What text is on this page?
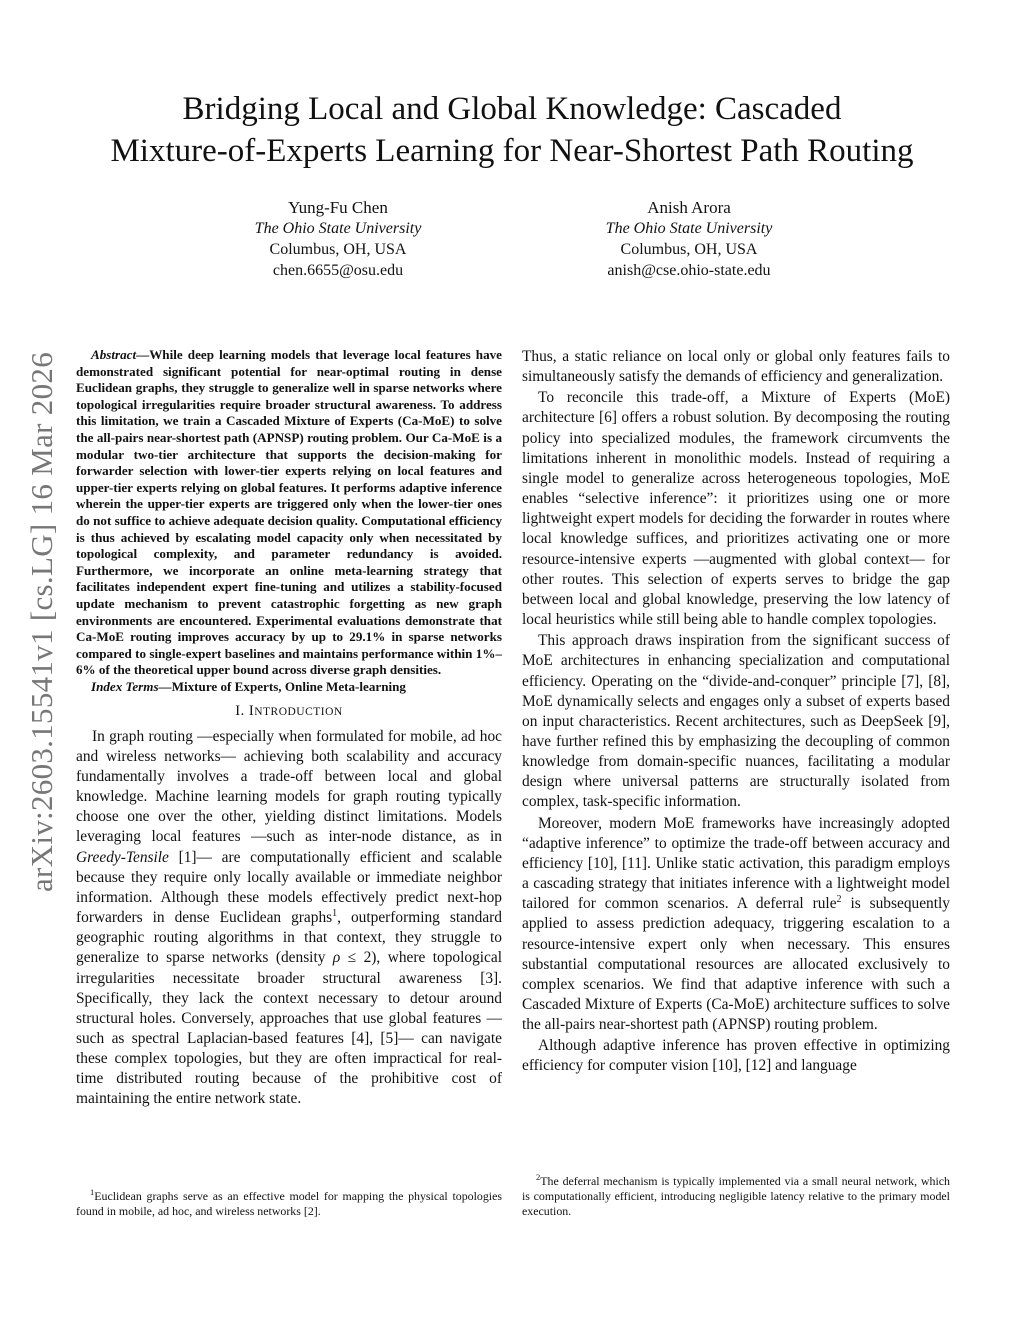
Bridging Local and Global Knowledge: Cascaded
Mixture-of-Experts Learning for Near-Shortest Path Routing
Yung-Fu Chen
The Ohio State University
Columbus, OH, USA
chen.6655@osu.edu
Anish Arora
The Ohio State University
Columbus, OH, USA
anish@cse.ohio-state.edu
arXiv:2603.15541v1 [cs.LG] 16 Mar 2026	Abstract—While deep learning models that leverage local features have demonstrated significant potential for near-optimal routing in dense Euclidean graphs, they struggle to generalize well in sparse networks where topological irregularities require broader structural awareness. To address this limitation, we train a Cascaded Mixture of Experts (Ca-MoE) to solve the all-pairs near-shortest path (APNSP) routing problem. Our Ca-MoE is a modular two-tier architecture that supports the decision-making for forwarder selection with lower-tier experts relying on local features and upper-tier experts relying on global features. It performs adaptive inference wherein the upper-tier experts are triggered only when the lower-tier ones do not suffice to achieve adequate decision quality. Computational efficiency is thus achieved by escalating model capacity only when necessitated by topological complexity, and parameter redundancy is avoided. Furthermore, we incorporate an online meta-learning strategy that facilitates independent expert fine-tuning and utilizes a stability-focused update mechanism to prevent catastrophic forgetting as new graph environments are encountered. Experimental evaluations demonstrate that Ca-MoE routing improves accuracy by up to 29.1% in sparse networks compared to single-expert baselines and maintains performance within 1%–6% of the theoretical upper bound across diverse graph densities.

Index Terms—Mixture of Experts, Online Meta-learning

I. INTRODUCTION

In graph routing —especially when formulated for mobile, ad hoc and wireless networks— achieving both scalability and accuracy fundamentally involves a trade-off between local and global knowledge. Machine learning models for graph routing typically choose one over the other, yielding distinct limitations. Models leveraging local features —such as inter-node distance, as in Greedy-Tensile [1]— are computationally efficient and scalable because they require only locally available or immediate neighbor information. Although these models effectively predict next-hop forwarders in dense Euclidean graphs$^1$, outperforming standard geographic routing algorithms in that context, they struggle to generalize to sparse networks (density ρ ≤ 2), where topological irregularities necessitate broader structural awareness [3]. Specifically, they lack the context necessary to detour around structural holes. Conversely, approaches that use global features —such as spectral Laplacian-based features [4], [5]— can navigate these complex topologies, but they are often impractical for real-time distributed routing because of the prohibitive cost of maintaining the entire network state.

Thus, a static reliance on local only or global only features fails to simultaneously satisfy the demands of efficiency and generalization.

To reconcile this trade-off, a Mixture of Experts (MoE) architecture [6] offers a robust solution. By decomposing the routing policy into specialized modules, the framework circumvents the limitations inherent in monolithic models. Instead of requiring a single model to generalize across heterogeneous topologies, MoE enables “selective inference”: it prioritizes using one or more lightweight expert models for deciding the forwarder in routes where local knowledge suffices, and prioritizes activating one or more resource-intensive experts —augmented with global context— for other routes. This selection of experts serves to bridge the gap between local and global knowledge, preserving the low latency of local heuristics while still being able to handle complex topologies.

This approach draws inspiration from the significant success of MoE architectures in enhancing specialization and computational efficiency. Operating on the “divide-and-conquer” principle [7], [8], MoE dynamically selects and engages only a subset of experts based on input characteristics. Recent architectures, such as DeepSeek [9], have further refined this by emphasizing the decoupling of common knowledge from domain-specific nuances, facilitating a modular design where universal patterns are structurally isolated from complex, task-specific information.

Moreover, modern MoE frameworks have increasingly adopted “adaptive inference” to optimize the trade-off between accuracy and efficiency [10], [11]. Unlike static activation, this paradigm employs a cascading strategy that initiates inference with a lightweight model tailored for common scenarios. A deferral rule$^2$ is subsequently applied to assess prediction adequacy, triggering escalation to a resource-intensive expert only when necessary. This ensures substantial computational resources are allocated exclusively to complex scenarios. We find that adaptive inference with such a Cascaded Mixture of Experts (Ca-MoE) architecture suffices to solve the all-pairs near-shortest path (APNSP) routing problem.

Although adaptive inference has proven effective in optimizing efficiency for computer vision [10], [12] and language

$^1$Euclidean graphs serve as an effective model for mapping the physical topologies found in mobile, ad hoc, and wireless networks [2].
$^2$The deferral mechanism is typically implemented via a small neural network, which is computationally efficient, introducing negligible latency relative to the primary model execution.
